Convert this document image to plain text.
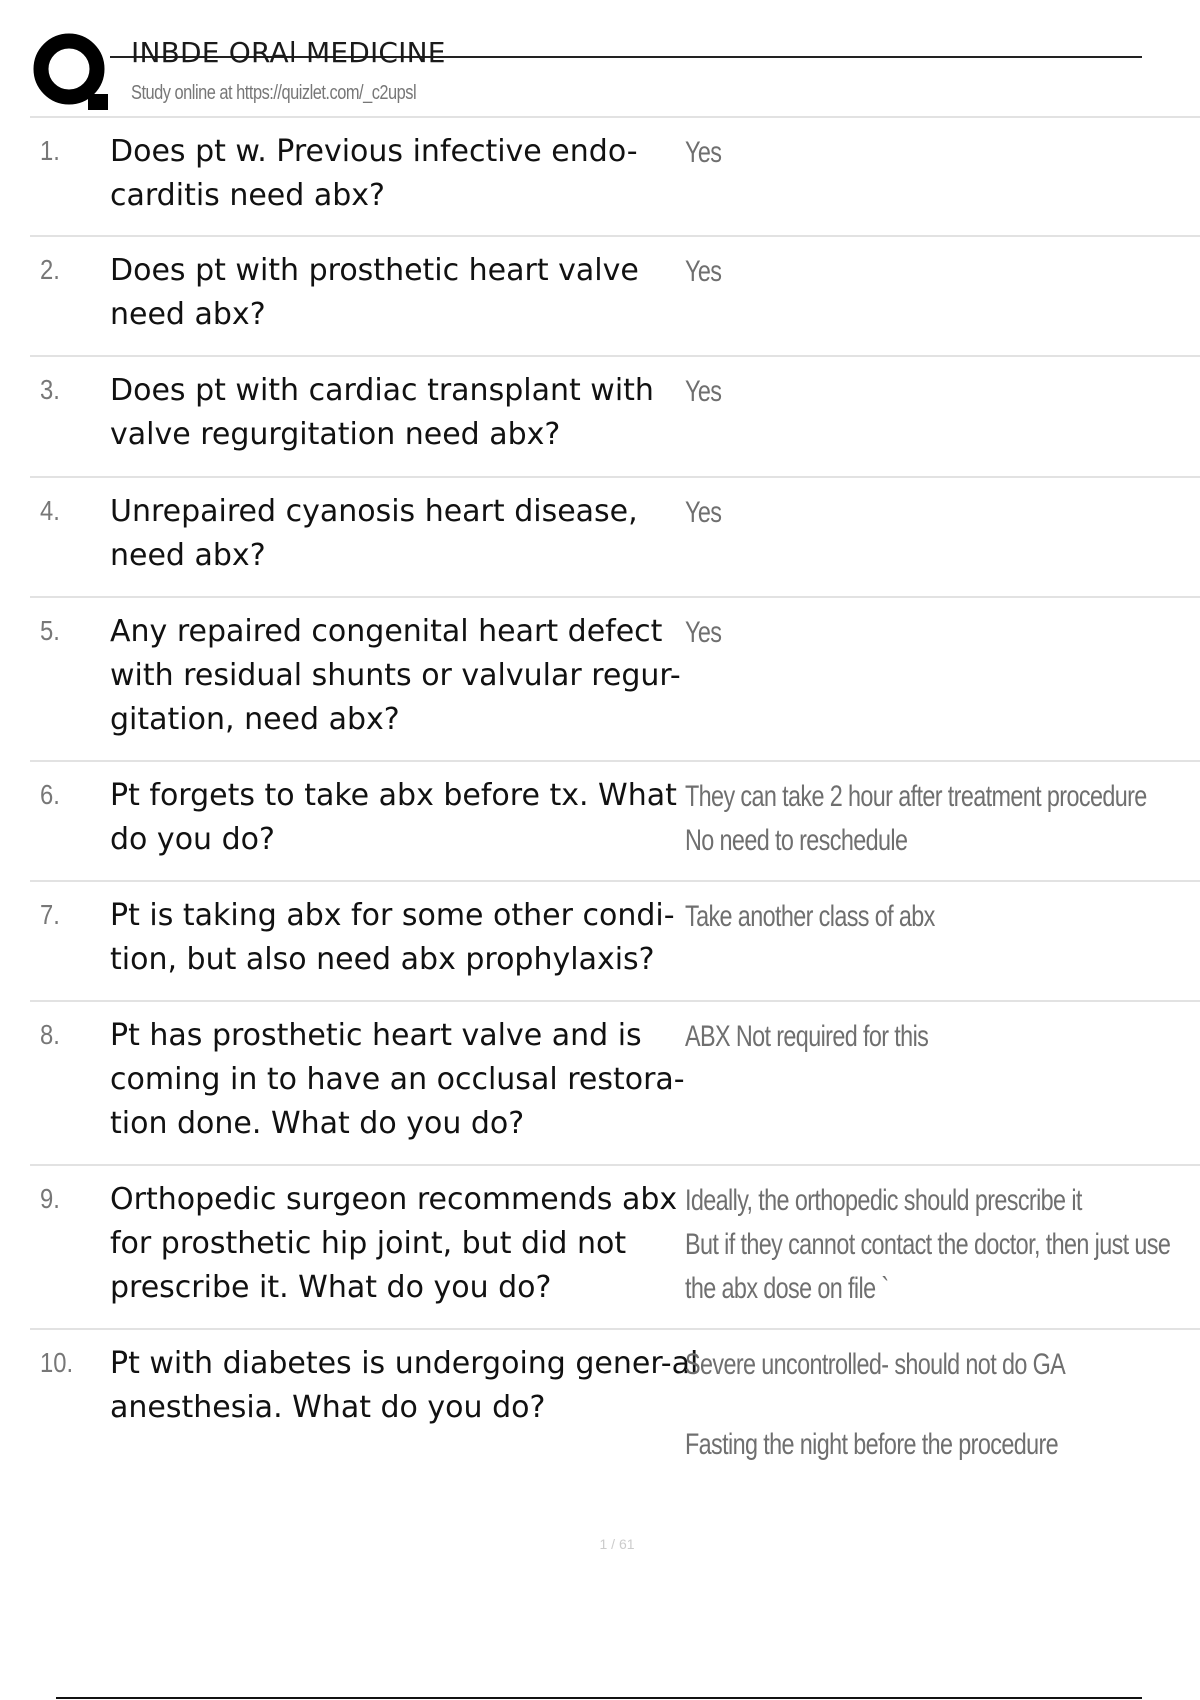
INBDE ORAl MEDICINE
Study online at https://quizlet.com/_c2upsl
1. Does pt w. Previous infective endo-carditis need abx?

Yes
2. Does pt with prosthetic heart valve need abx?

Yes
3. Does pt with cardiac transplant with valve regurgitation need abx?

Yes
4. Unrepaired cyanosis heart disease, need abx?

Yes
5. Any repaired congenital heart defect with residual shunts or valvular regur-gitation, need abx?

Yes
6. Pt forgets to take abx before tx. What do you do?

They can take 2 hour after treatment procedure
No need to reschedule
7. Pt is taking abx for some other condi-tion, but also need abx prophylaxis?

Take another class of abx
8. Pt has prosthetic heart valve and is coming in to have an occlusal restora-tion done. What do you do?

ABX Not required for this
9. Orthopedic surgeon recommends abx for prosthetic hip joint, but did not prescribe it. What do you do?

Ideally, the orthopedic should prescribe it
But if they cannot contact the doctor, then just use
the abx dose on file `
10. Pt with diabetes is undergoing gener-al anesthesia. What do you do?

Severe uncontrolled- should not do GA
Fasting the night before the procedure
1 / 61
